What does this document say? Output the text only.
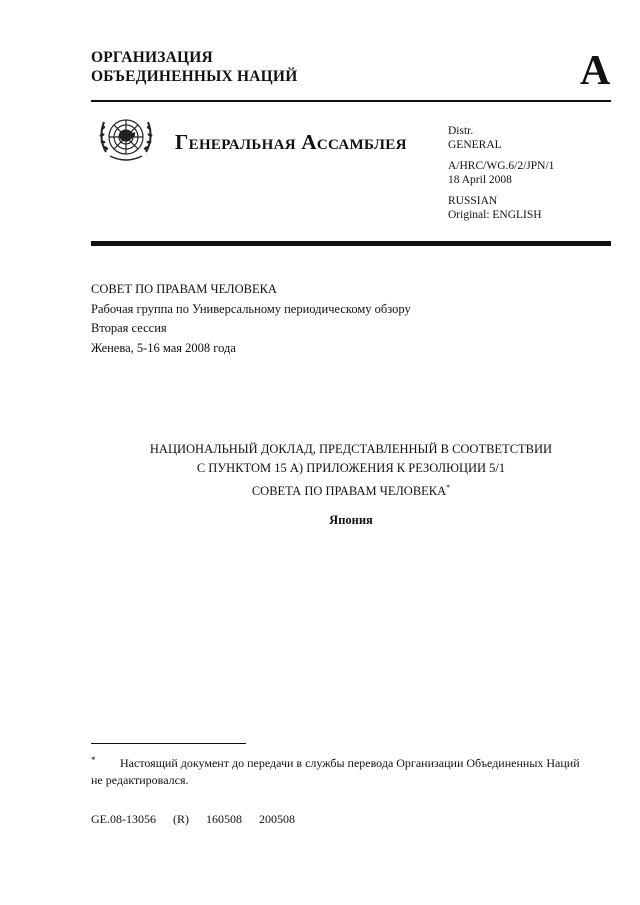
ОРГАНИЗАЦИЯ
ОБЪЕДИНЕННЫХ НАЦИЙ	A
Генеральная Ассамблея	Distr.
GENERAL
A/HRC/WG.6/2/JPN/1
18 April 2008
RUSSIAN
Original: ENGLISH
СОВЕТ ПО ПРАВАМ ЧЕЛОВЕКА
Рабочая группа по Универсальному периодическому обзору
Вторая сессия
Женева, 5-16 мая 2008 года
НАЦИОНАЛЬНЫЙ ДОКЛАД, ПРЕДСТАВЛЕННЫЙ В СООТВЕТСТВИИ
С ПУНКТОМ 15 А) ПРИЛОЖЕНИЯ К РЕЗОЛЮЦИИ 5/1
СОВЕТА ПО ПРАВАМ ЧЕЛОВЕКА*
Япония
* Настоящий документ до передачи в службы перевода Организации Объединенных Наций не редактировался.
GE.08-13056 (R) 160508 200508
